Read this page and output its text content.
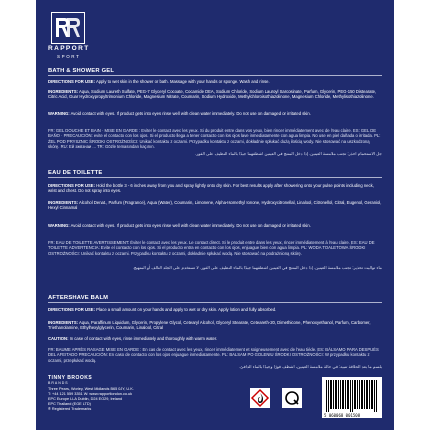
RAPPORT
SPORT
BATH & SHOWER GEL
DIRECTIONS FOR USE: Apply to wet skin in the shower or bath. Massage with your hands or sponge. Wash and rinse.
INGREDIENTS: Aqua, Sodium Laureth Sulfate, PEG-7 Glyceryl Cocoate, Cocamide DEA, Sodium Chloride, Sodium Lauroyl Sarcosinate, Parfum, Glycerin, PEG-150 Distearate, Citric Acid, Guar Hydroxypropyltrimonium Chloride, Magnesium Nitrate, Coumarin, Sodium Hydroxide, Methylchloroisothiazolinone, Magnesium Chloride, Methylisothiazolinone.
WARNING: Avoid contact with eyes. If product gets into eyes rinse well with clean water immediately. Do not use on damaged or irritated skin.
FR: GEL DOUCHE ET BAIN · MISE EN GARDE : Eviter le contact avec les yeux. Si du produit entre dans vos yeux, bien rincer immédiatement avec de l'eau claire. ES: GEL DE BAÑO · PRECAUCIÓN: evite el contacto con los ojos. Si el producto llega a tener contacto con los ojos lave inmediatamente con agua limpia. No use en piel dañada o irritada. PL: ŻEL POD PRYSZNIC ŚRODKI OSTROŻNOŚCI: Unikać kontaktu z oczami. Przypadku kontaktu z oczami, dokładnie spłukać dużą ilością wody. Nie stosować na uszkodzoną skórę. RU: Ей эжвзнаи ... TR: Gözle temasından kaçının.
جل الاستحمام احذر: تجنب ملامسة العينين. إذا دخل المنتج في العينين اشطفهما جيدًا بالماء النظيف على الفور.
EAU DE TOILETTE
DIRECTIONS FOR USE: Hold the bottle 3 - 6 inches away from you and spray lightly onto dry skin. For best results apply after showering onto your pulse points including neck, wrist and chest. Do not spray into eyes.
INGREDIENTS: Alcohol Denat., Parfum (Fragrance), Aqua (Water), Coumarin, Limonene, Alpha-Isomethyl Ionone, Hydroxycitronellal, Linalool, Citronellol, Citral, Eugenol, Geraniol, Hexyl Cinnamal
WARNING: Avoid contact with eyes. If product gets into eyes rinse well with clean water immediately. Do not use on damaged or irritated skin.
FR: EAU DE TOILETTE AVERTISSEMENT: Éviter le contact avec les yeux. Le contact direct. Si le produit entre dans les yeux, rincer immédiatement à l'eau claire. ES: EAU DE TOILETTE ADVERTENCIA: Evite el contacto con los ojos. Si el producto entra en contacto con los ojos, enjuague bien con agua limpia. PL: WODA TOALETOWA ŚRODKI OSTROŻNOŚCI: Unikać kontaktu z oczami. Przypadku kontaktu z oczami, dokładnie spłukać wodą. Nie stosować na podrażnioną skórę.
ماء تواليت تحذير: تجنب ملامسة العينين. إذا دخل المنتج في العينين اشطفهما جيدًا بالماء النظيف على الفور. لا تستخدم على الجلد التالف أو المتهيج.
AFTERSHAVE BALM
DIRECTIONS FOR USE: Place a small amount on your hands and apply to wet or dry skin. Apply lotion and fully absorbed.
INGREDIENTS: Aqua, Paraffinum Liquidum, Glycerin, Propylene Glycol, Cetearyl Alcohol, Glyceryl Stearate, Ceteareth-20, Dimethicone, Phenoxyethanol, Parfum, Carbomer, Triethanolamine, Ethylhexylglycerin, Coumarin, Linalool, Citral
CAUTION: In case of contact with eyes, rinse immediately and thoroughly with warm water.
FR: BAUME APRÈS RASAGE MISE EN GARDE : En cas de contact avec les yeux, rincer immédiatement et soigneusement avec de l'eau tiède. ES: BÁLSAMO PARA DESPUÉS DEL AFEITADO PRECAUCIÓN: En caso de contacto con los ojos enjuague inmediatamente. PL: BALSAM PO GOLENIU ŚRODKI OSTROŻNOŚCI: W przypadku kontaktu z oczami, przepłukać wodą.
بلسم ما بعد الحلاقة تنبيه: في حالة ملامسة العينين، اشطف فورًا وجيدًا بالماء الدافئ.
TINNY BROOKS
BRANDS
Three Pears, Worley, West Midlands B65 0JY, U.K.
T: +44 121 559 3351 W: www.rapportlondon.co.uk
EPC Europe LLA Dublin, D24 EO29, Ireland
EPC Thailand (EGE LTD)
® Registered Trademarks
5 060068 001508
